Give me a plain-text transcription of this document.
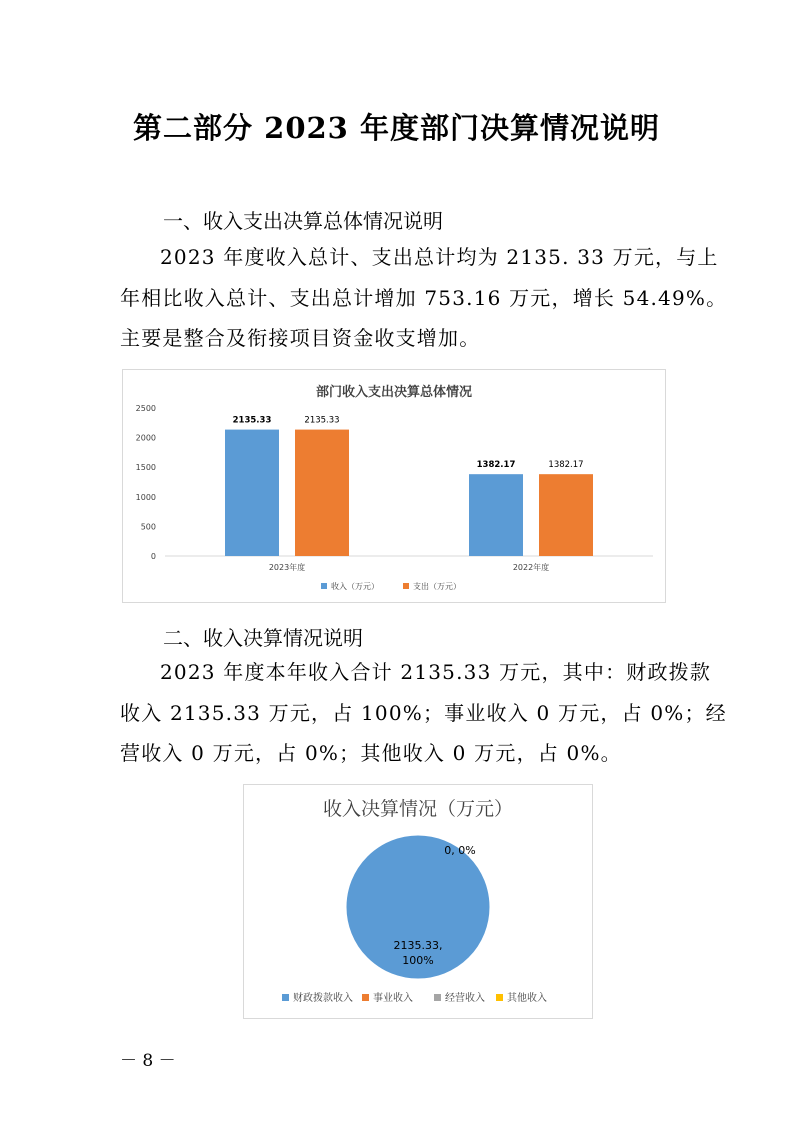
第二部分 2023 年度部门决算情况说明
一、收入支出决算总体情况说明
2023 年度收入总计、支出总计均为 2135. 33 万元，与上
年相比收入总计、支出总计增加 753.16 万元，增长 54.49%。
主要是整合及衔接项目资金收支增加。
部门收入支出决算总体情况
0
500
1000
1500
2000
2500
2135.33	2135.33
2023年度
1382.17	1382.17
2022年度
收入（万元）	支出（万元）
二、收入决算情况说明
2023 年度本年收入合计 2135.33 万元，其中：财政拨款
收入 2135.33 万元，占 100%；事业收入 0 万元，占 0%；经
营收入 0 万元，占 0%；其他收入 0 万元，占 0%。
收入决算情况（万元）
0, 0%
2135.33,
100%
财政拨款收入 事业收入	经营收入 其他收入
－ 8 －
